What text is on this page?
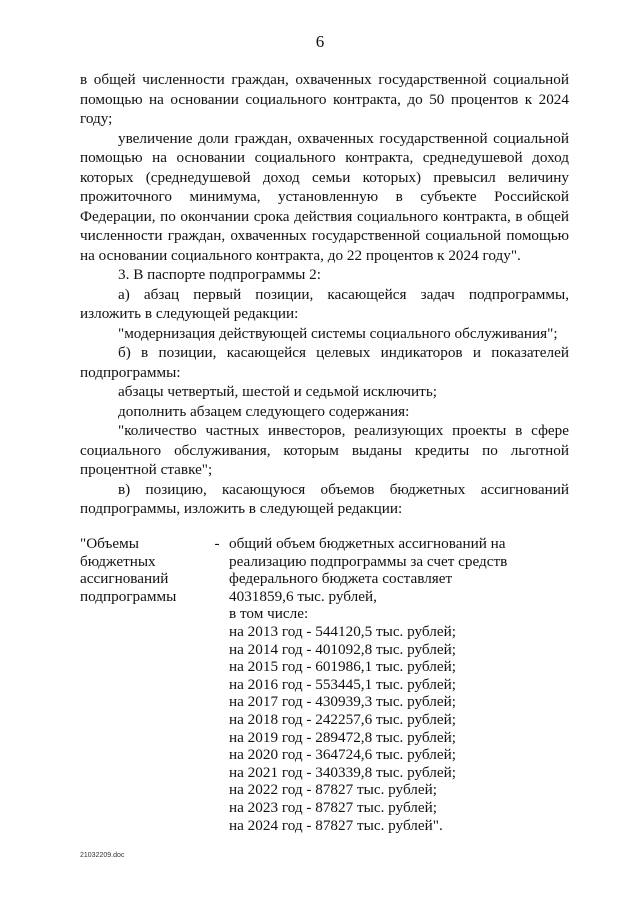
6

в общей численности граждан, охваченных государственной социальной помощью на основании социального контракта, до 50 процентов к 2024 году;

увеличение доли граждан, охваченных государственной социальной помощью на основании социального контракта, среднедушевой доход которых (среднедушевой доход семьи которых) превысил величину прожиточного минимума, установленную в субъекте Российской Федерации, по окончании срока действия социального контракта, в общей численности граждан, охваченных государственной социальной помощью на основании социального контракта, до 22 процентов к 2024 году".

3. В паспорте подпрограммы 2:

а) абзац первый позиции, касающейся задач подпрограммы, изложить в следующей редакции:

"модернизация действующей системы социального обслуживания";

б) в позиции, касающейся целевых индикаторов и показателей подпрограммы:

абзацы четвертый, шестой и седьмой исключить;

дополнить абзацем следующего содержания:

"количество частных инвесторов, реализующих проекты в сфере социального обслуживания, которым выданы кредиты по льготной процентной ставке";

в) позицию, касающуюся объемов бюджетных ассигнований подпрограммы, изложить в следующей редакции:

"Объемы
бюджетных
ассигнований
подпрограммы
- общий объем бюджетных ассигнований на
реализацию подпрограммы за счет средств
федерального бюджета составляет
4031859,6 тыс. рублей,
в том числе:
на 2013 год - 544120,5 тыс. рублей;
на 2014 год - 401092,8 тыс. рублей;
на 2015 год - 601986,1 тыс. рублей;
на 2016 год - 553445,1 тыс. рублей;
на 2017 год - 430939,3 тыс. рублей;
на 2018 год - 242257,6 тыс. рублей;
на 2019 год - 289472,8 тыс. рублей;
на 2020 год - 364724,6 тыс. рублей;
на 2021 год - 340339,8 тыс. рублей;
на 2022 год - 87827 тыс. рублей;
на 2023 год - 87827 тыс. рублей;
на 2024 год - 87827 тыс. рублей".
21032209.doc
